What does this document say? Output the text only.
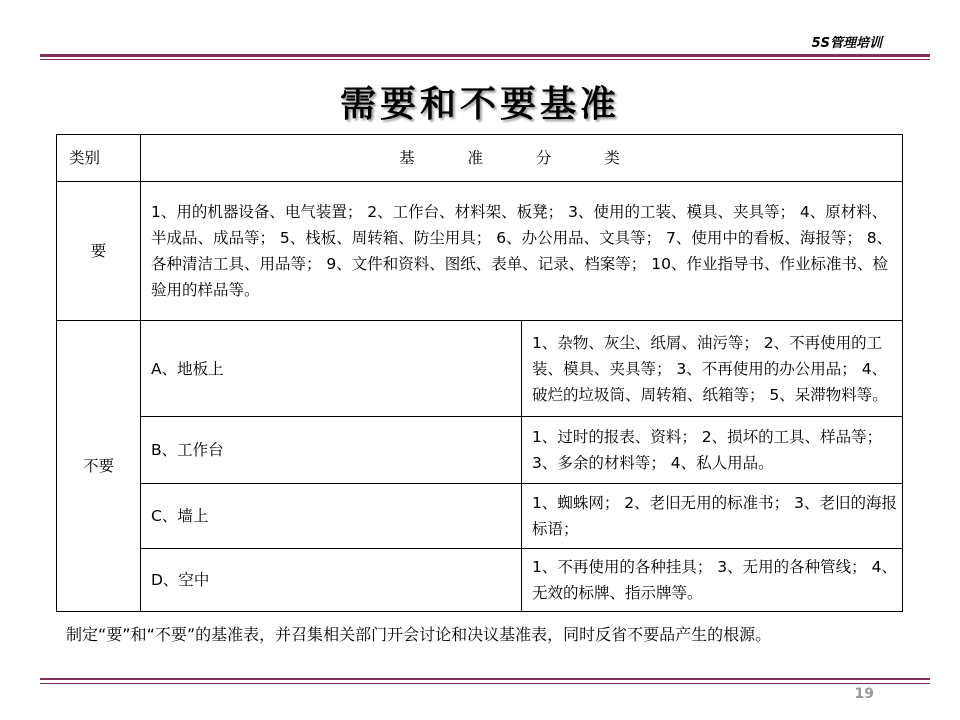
5S管理培训
需要和不要基准
类别	基 准 分 类	
要	1、用的机器设备、电气装置； 2、工作台、材料架、板凳； 3、使用的工装、模具、夹具等； 4、原材料、半成品、成品等； 5、栈板、周转箱、防尘用具； 6、办公用品、文具等； 7、使用中的看板、海报等； 8、各种清洁工具、用品等； 9、文件和资料、图纸、表单、记录、档案等； 10、作业指导书、作业标准书、检验用的样品等。	
不要	A、地板上	1、杂物、灰尘、纸屑、油污等； 2、不再使用的工装、模具、夹具等； 3、不再使用的办公用品； 4、破烂的垃圾筒、周转箱、纸箱等； 5、呆滞物料等。
	B、工作台	1、过时的报表、资料； 2、损坏的工具、样品等； 3、多余的材料等； 4、私人用品。
	C、墙上	1、蜘蛛网； 2、老旧无用的标准书； 3、老旧的海报标语；
	D、空中	1、不再使用的各种挂具； 3、无用的各种管线； 4、无效的标牌、指示牌等。
制定“要”和“不要”的基准表，并召集相关部门开会讨论和决议基准表，同时反省不要品产生的根源。
19
